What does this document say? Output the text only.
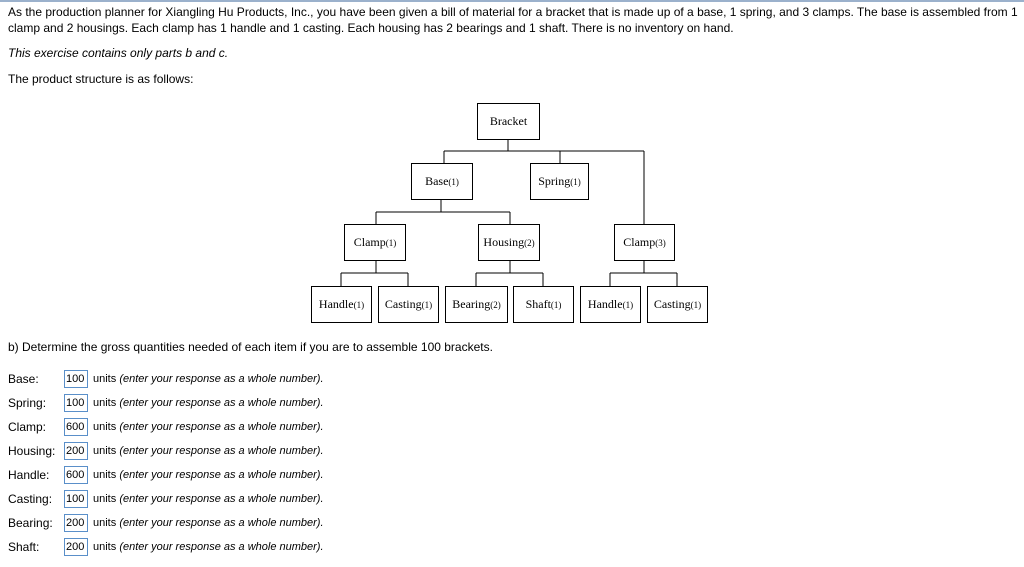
As the production planner for Xiangling Hu Products, Inc., you have been given a bill of material for a bracket that is made up of a base, 1 spring, and 3 clamps. The base is assembled from 1 clamp and 2 housings. Each clamp has 1 handle and 1 casting. Each housing has 2 bearings and 1 shaft. There is no inventory on hand.
This exercise contains only parts b and c.
The product structure is as follows:
Bracket
Base (1)	Spring (1)
Clamp (1)	Housing (2)	Clamp (3)
Handle (1) Casting (1) Bearing (2) Shaft (1) Handle (1) Casting (1)
b) Determine the gross quantities needed of each item if you are to assemble 100 brackets.
Base:
100	units (enter your response as a whole number).
Spring:
100	units (enter your response as a whole number).
Clamp:
600	units (enter your response as a whole number).
Housing:
200	units (enter your response as a whole number).
Handle:
600	units (enter your response as a whole number).
Casting:
100	units (enter your response as a whole number).
Bearing:
200	units (enter your response as a whole number).
Shaft:
200	units (enter your response as a whole number).
